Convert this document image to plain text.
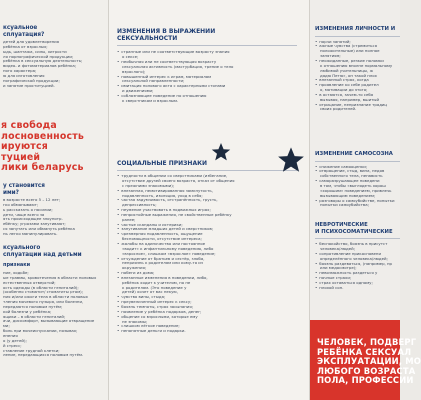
ксуальное

сплуатация?

детей для удовлетворения

ребёнка от взрослых;

ыдь, шантажа, силы, хитрости

ля порнографической продукции;

ребёнка в сексуальную деятельность;

видео- и фотоматериалов ребёнка;

ного характера;

ю для изготовления

нографической продукции;

и занятие проституцией.

я свобода

лосновенность

ируются

туцией

лики беларусь

у становится

ими?

в возрасте всего 5 – 12 лет;

гко обманывают;

ь рассказать о насилии;

дети, чаще всего за

ять происходящее злоупотр.

ебёнку; угрозами запугивают;

ся запутать или обмануть ребёнка

нь легко манипулировать.

ксуального

сплуатации над детьми

признаки

ние, ходьбе;

ые травмы, кровотечения в области половых

естественных отверстий;

ость одежды (в области гениталий);

(особенно стоматит/ стоматиты ртом);

ния и/или ожоги тела в области половых

тления мочевого пузыря, или болезни,

передаются половым путём;

кой болезни у ребёнка;

ящики – в области гениталий;

ачи, дискомфорт, вызывающие отвращение

ми;

боль при мочеиспускании, позывах;

енения

о (у детей);

й стресс;

ставление грудной клетки;

ление, передающихся половым путём.

ИЗМЕНЕНИЯ В ВЫРАЖЕНИИ

СЕКСУАЛЬНОСТИ

• странные или не соответствующие возрасту знания

о сексе;

• необычная или не соответствующая возрасту

сексуальная активность (мастурбация, трение о тело

взрослого);

• повышенный интерес к играм, материалам

сексуальной направленности;

• имитация полового акта с характерными стонами

и движениями;

• соблазняющее поведение по отношению

к сверстникам и взрослым.

СОЦИАЛЬНЫЕ ПРИЗНАКИ

• трудности в общении со сверстниками (избегание,

отсутствие друзей своего возраста, отказ от общения

с прежними знакомыми);

• внезапная, немотивированная замкнутость,

подавленность, изоляция, уход в себя;

• частая задумчивость, отстранённость, грусть,

депрессивность;

• неумение участвовать в подвижных играх;

• непристойные выражения, не свойственные ребёнку

ранее;

• частые скандалы и истерики;

• запугивание младших детей и сверстников;

• чрезмерная подавленность, ощущение

беспомощности, отсутствие интереса;

• жалобы на одиночество или постоянное

«водит» к инфантильному поведению, либо

«взрослое», слишком «взрослое» поведение;

• отчуждение от братьев и сестёр, злоба,

неприязнь к родителям или кому-то из

окружения;

• побеги из дома;

• внезапные изменения в поведении, либо,

ребёнок ходит к учителям, но не

к родителям. (Это поведение у

детей) хочет от вас некую,

• чувство вины, стыда;

• преувеличенный интерес к сексу;

• боязнь темноты, страх засыпания;

• появление у ребёнка подарков, денег;

• общение со взрослыми, которые ему

не знакомы;

• слишком лёгкое поведение;

• непонятные деньги и подарки.

ИЗМЕНЕНИЯ ЛИЧНОСТИ И

• порчи занятий;

• ажные чувства (стремиться

положительные) или полное

занятиям;

• неожиданные, резкие поломки

к отношению вполне нормальному

любимой учительницы, ж

дядю Петю», он такой плох

• внезапный страх, когда

• проявление ко себе родител

о, мотивации до этого;

• в остаются, зачем-то себя

вызывая, например, вшитый

• отрицание, непризнание традиц

своих родителей.

ИЗМЕНЕНИЕ САМОСОЗНА

• снижение самооценки;

• отвращение, стыд, вина, недов

собственного тела, ненависть

• саморазрушающее поведени

в том, чтобы «выглядеть хорош

«хорошим» поведением, привлечь

вызывающим поведением;

• разговоры о самоубийстве, попытки

попытки самоубийства;

НЕВРОТИЧЕСКИЕ

И ПСИХОСОМАТИЧЕСКИЕ

• беспокойство, боязнь в присутст

человека/людей;

• сопротивление прикосновени

определённого человека/людей;

• боязнь раздеваться, (например, пр

или медосмотре);

• невозможность раздеться у

• ночные страхи;

• страх оставаться одному;

• плохой сон.

ЧЕЛОВЕК, ПОДВЕРГ

РЕБЁНКА СЕКСУАЛ

ЭКСПЛУАТАЦИИ, МО

ЛЮБОГО ВОЗРАСТА

ПОЛА, ПРОФЕССИИ
